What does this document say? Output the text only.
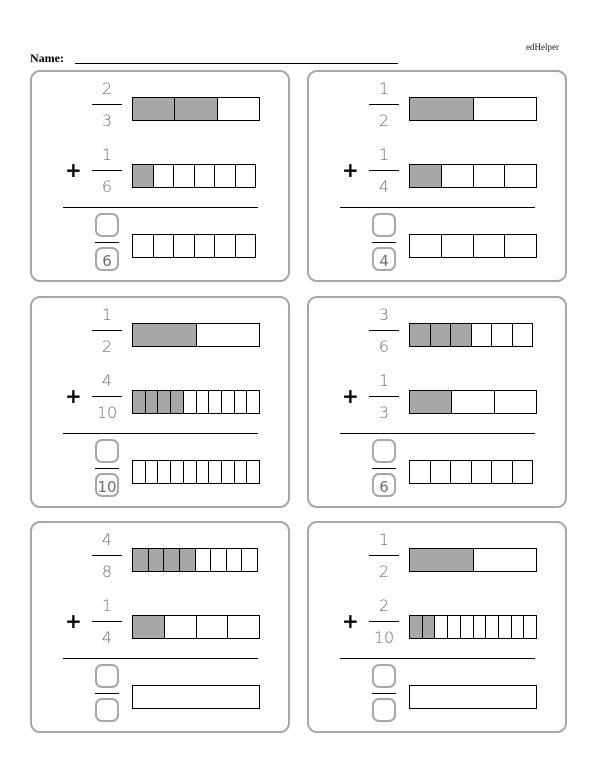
edHelper
Name:
2
3
+
1
6
6
1
2
+
1
4
4
1
2
+
4
10
10
3
6
+
1
3
6
4
8
+
1
4
1
2
+
2
10
